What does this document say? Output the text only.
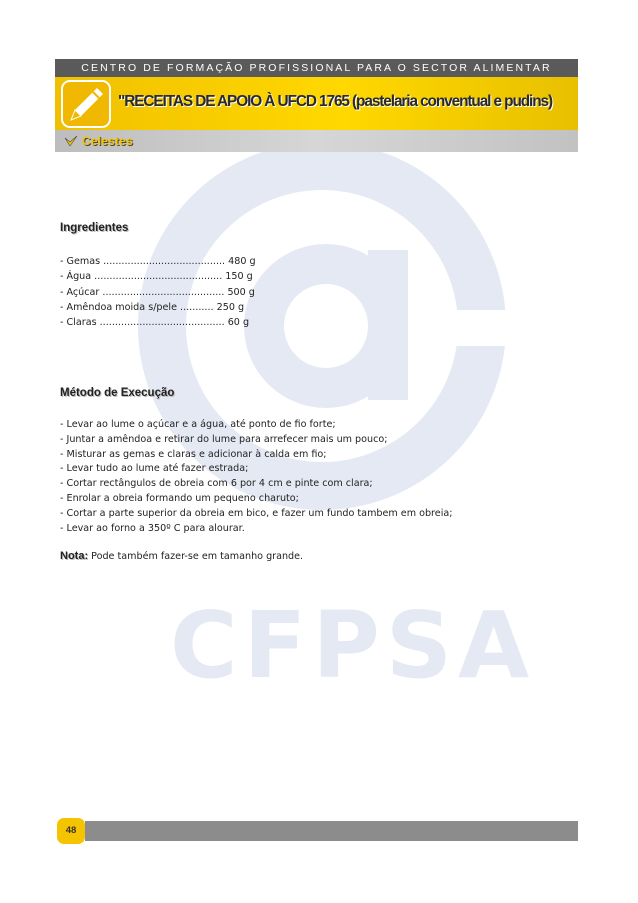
CFPSA
CENTRO DE FORMAÇÃO PROFISSIONAL PARA O SECTOR ALIMENTAR
"RECEITAS DE APOIO À UFCD 1765 (pastelaria conventual e pudins)
Celestes
Ingredientes
- Gemas ........................................ 480 g
- Água .......................................... 150 g
- Açúcar ........................................ 500 g
- Amêndoa moida s/pele ........... 250 g
- Claras ......................................... 60 g
Método de Execução
- Levar ao lume o açúcar e a água, até ponto de fio forte;
- Juntar a amêndoa e retirar do lume para arrefecer mais um pouco;
- Misturar as gemas e claras e adicionar à calda em fio;
- Levar tudo ao lume até fazer estrada;
- Cortar rectângulos de obreia com 6 por 4 cm e pinte com clara;
- Enrolar a obreia formando um pequeno charuto;
- Cortar a parte superior da obreia em bico, e fazer um fundo tambem em obreia;
- Levar ao forno a 350º C para alourar.
Nota: Pode também fazer-se em tamanho grande.
48
